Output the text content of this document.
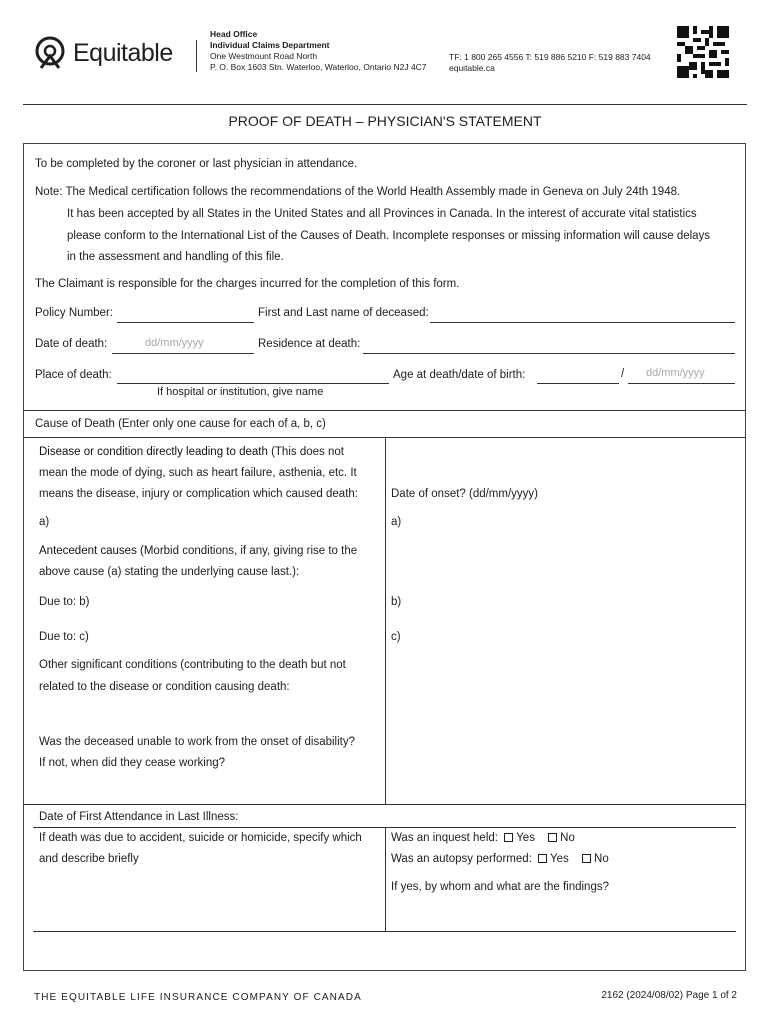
Equitable
Head Office
Individual Claims Department
One Westmount Road North
P. O. Box 1603 Stn. Waterloo, Waterloo, Ontario N2J 4C7
TF: 1 800 265 4556 T: 519 886 5210 F: 519 883 7404
equitable.ca
PROOF OF DEATH – PHYSICIAN'S STATEMENT
To be completed by the coroner or last physician in attendance.
Note: The Medical certification follows the recommendations of the World Health Assembly made in Geneva on July 24th 1948.
It has been accepted by all States in the United States and all Provinces in Canada. In the interest of accurate vital statistics
please conform to the International List of the Causes of Death. Incomplete responses or missing information will cause delays
in the assessment and handling of this file.
The Claimant is responsible for the charges incurred for the completion of this form.
Policy Number:	First and Last name of deceased:
Date of death:	dd/mm/yyyy	Residence at death:
Place of death:
If hospital or institution, give name
Age at death/date of birth:	/ dd/mm/yyyy
Cause of Death (Enter only one cause for each of a, b, c)
Disease or condition directly leading to death (This does not
mean the mode of dying, such as heart failure, asthenia, etc. It
means the disease, injury or complication which caused death:	Date of onset? (dd/mm/yyyy)
a)	a)
Antecedent causes (Morbid conditions, if any, giving rise to the
above cause (a) stating the underlying cause last.):
Due to: b)	b)
Due to: c)	c)
Other significant conditions (contributing to the death but not
related to the disease or condition causing death:
Was the deceased unable to work from the onset of disability?
If not, when did they cease working?
Date of First Attendance in Last Illness:
If death was due to accident, suicide or homicide, specify which
and describe briefly
Was an inquest held: Yes No
Was an autopsy performed: Yes No
If yes, by whom and what are the findings?
THE EQUITABLE LIFE INSURANCE COMPANY OF CANADA	2162 (2024/08/02) Page 1 of 2
